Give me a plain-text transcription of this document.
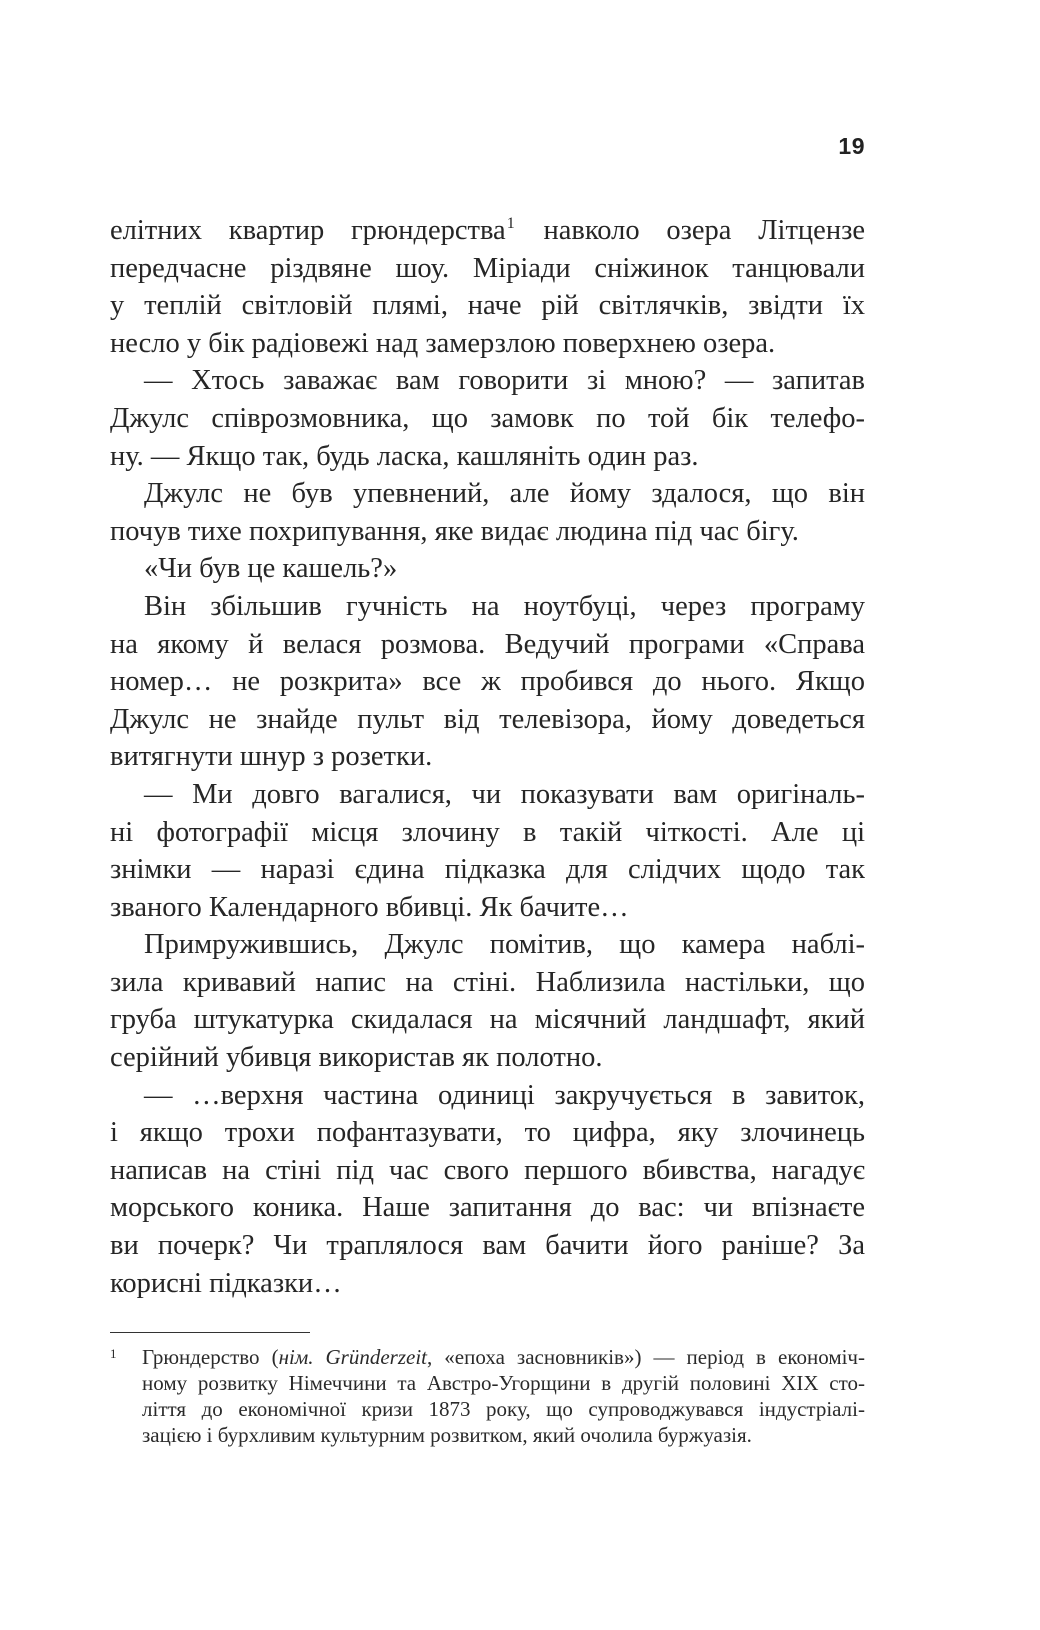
19
елітних квартир грюндерства$^1$ навколо озера Літцензе
передчасне різдвяне шоу. Міріади сніжинок танцювали
у теплій світловій плямі, наче рій світлячків, звідти їх
несло у бік радіовежі над замерзлою поверхнею озера.
— Хтось заважає вам говорити зі мною? — запитав
Джулс співрозмовника, що замовк по той бік телефо-
ну. — Якщо так, будь ласка, кашляніть один раз.
Джулс не був упевнений, але йому здалося, що він
почув тихе похрипування, яке видає людина під час бігу.
«Чи був це кашель?»
Він збільшив гучність на ноутбуці, через програму
на якому й велася розмова. Ведучий програми «Справа
номер… не розкрита» все ж пробився до нього. Якщо
Джулс не знайде пульт від телевізора, йому доведеться
витягнути шнур з розетки.
— Ми довго вагалися, чи показувати вам оригіналь-
ні фотографії місця злочину в такій чіткості. Але ці
знімки — наразі єдина підказка для слідчих щодо так
званого Календарного вбивці. Як бачите…
Примружившись, Джулс помітив, що камера наблі-
зила кривавий напис на стіні. Наблизила настільки, що
груба штукатурка скидалася на місячний ландшафт, який
серійний убивця використав як полотно.
— …верхня частина одиниці закручується в завиток,
і якщо трохи пофантазувати, то цифра, яку злочинець
написав на стіні під час свого першого вбивства, нагадує
морського коника. Наше запитання до вас: чи впізнаєте
ви почерк? Чи траплялося вам бачити його раніше? За
корисні підказки…
1 Грюндерство (нім. Gründerzeit, «епоха засновників») — період в економіч-
ному розвитку Німеччини та Австро-Угорщини в другій половині XIX сто-
ліття до економічної кризи 1873 року, що супроводжувався індустріалі-
зацією і бурхливим культурним розвитком, який очолила буржуазія.
